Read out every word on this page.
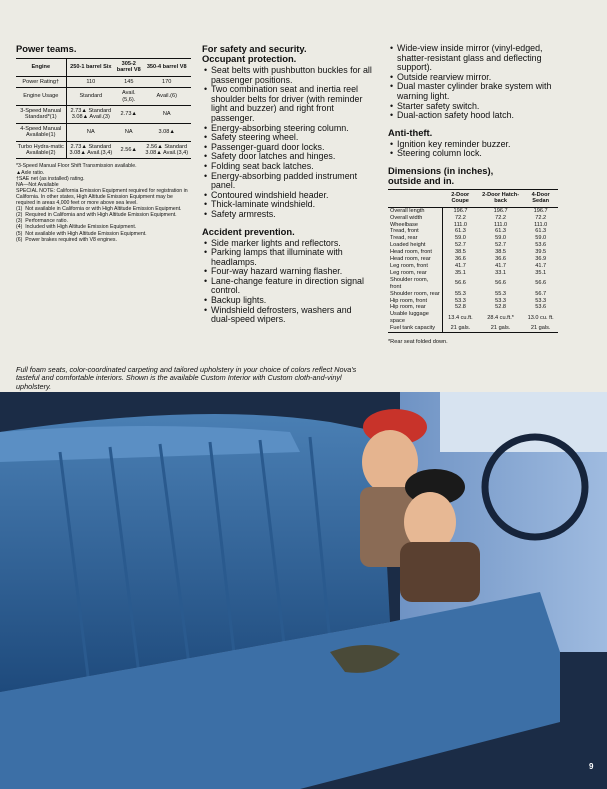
Power teams.
Engine	250-1 barrel Six	305-2 barrel V8	350-4 barrel V8
Power Rating†	110	145	170
Engine Usage	Standard	Avail.(5,6).	Avail.(6)
3-Speed Manual Standard*(1)	2.73▲ Standard 3.08▲ Avail.(3)	2.73▲	NA
4-Speed Manual Available(1)	NA	NA	3.08▲
Turbo Hydra-matic Available(2)	2.73▲ Standard 3.08▲ Avail.(3,4)	2.56▲	2.56▲ Standard 3.08▲ Avail.(3,4)
*3-Speed Manual Floor Shift Transmission available.
▲Axle ratio.
†SAE net (as installed) rating.
NA—Not Available
SPECIAL NOTE: California Emission Equipment required for registration in California. In other states, High Altitude Emission Equipment may be required in areas 4,000 feet or more above sea level.
(1)  Not available in California or with High Altitude Emission Equipment.
(2)  Required in California and with High Altitude Emission Equipment.
(3)  Performance ratio.
(4)  Included with High Altitude Emission Equipment.
(5)  Not available with High Altitude Emission Equipment.
(6)  Power brakes required with V8 engines.
For safety and security.
Occupant protection.
• Seat belts with pushbutton buckles for all passenger positions.
• Two combination seat and inertia reel shoulder belts for driver (with reminder light and buzzer) and right front passenger.
• Energy-absorbing steering column.
• Safety steering wheel.
• Passenger-guard door locks.
• Safety door latches and hinges.
• Folding seat back latches.
• Energy-absorbing padded instrument panel.
• Contoured windshield header.
• Thick-laminate windshield.
• Safety armrests.
Accident prevention.
• Side marker lights and reflectors.
• Parking lamps that illuminate with headlamps.
• Four-way hazard warning flasher.
• Lane-change feature in direction signal control.
• Backup lights.
• Windshield defrosters, washers and dual-speed wipers.
• Wide-view inside mirror (vinyl-edged, shatter-resistant glass and deflecting support).
• Outside rearview mirror.
• Dual master cylinder brake system with warning light.
• Starter safety switch.
• Dual-action safety hood latch.
Anti-theft.
• Ignition key reminder buzzer.
• Steering column lock.
Dimensions (in inches),
outside and in.
	2-Door Coupe	2-Door Hatch-back	4-Door Sedan
Overall length	196.7	196.7	196.7
Overall width	72.2	72.2	72.2
Wheelbase	111.0	111.0	111.0
Tread, front	61.3	61.3	61.3
Tread, rear	59.0	59.0	59.0
Loaded height	52.7	52.7	53.6
Head room, front	38.5	38.5	39.5
Head room, rear	36.6	36.6	36.9
Leg room, front	41.7	41.7	41.7
Leg room, rear	35.1	33.1	35.1
Shoulder room, front	56.6	56.6	56.6
Shoulder room, rear	55.3	55.3	56.7
Hip room, front	53.3	53.3	53.3
Hip room, rear	52.8	52.8	53.6
Usable luggage space	13.4 cu.ft.	28.4 cu.ft.*	13.0 cu. ft.
Fuel tank capacity	21 gals.	21 gals.	21 gals.
*Rear seat folded down.
Full foam seats, color-coordinated carpeting and tailored upholstery in your choice of colors reflect Nova's tasteful and comfortable interiors. Shown is the available Custom Interior with Custom cloth-and-vinyl upholstery.
9
